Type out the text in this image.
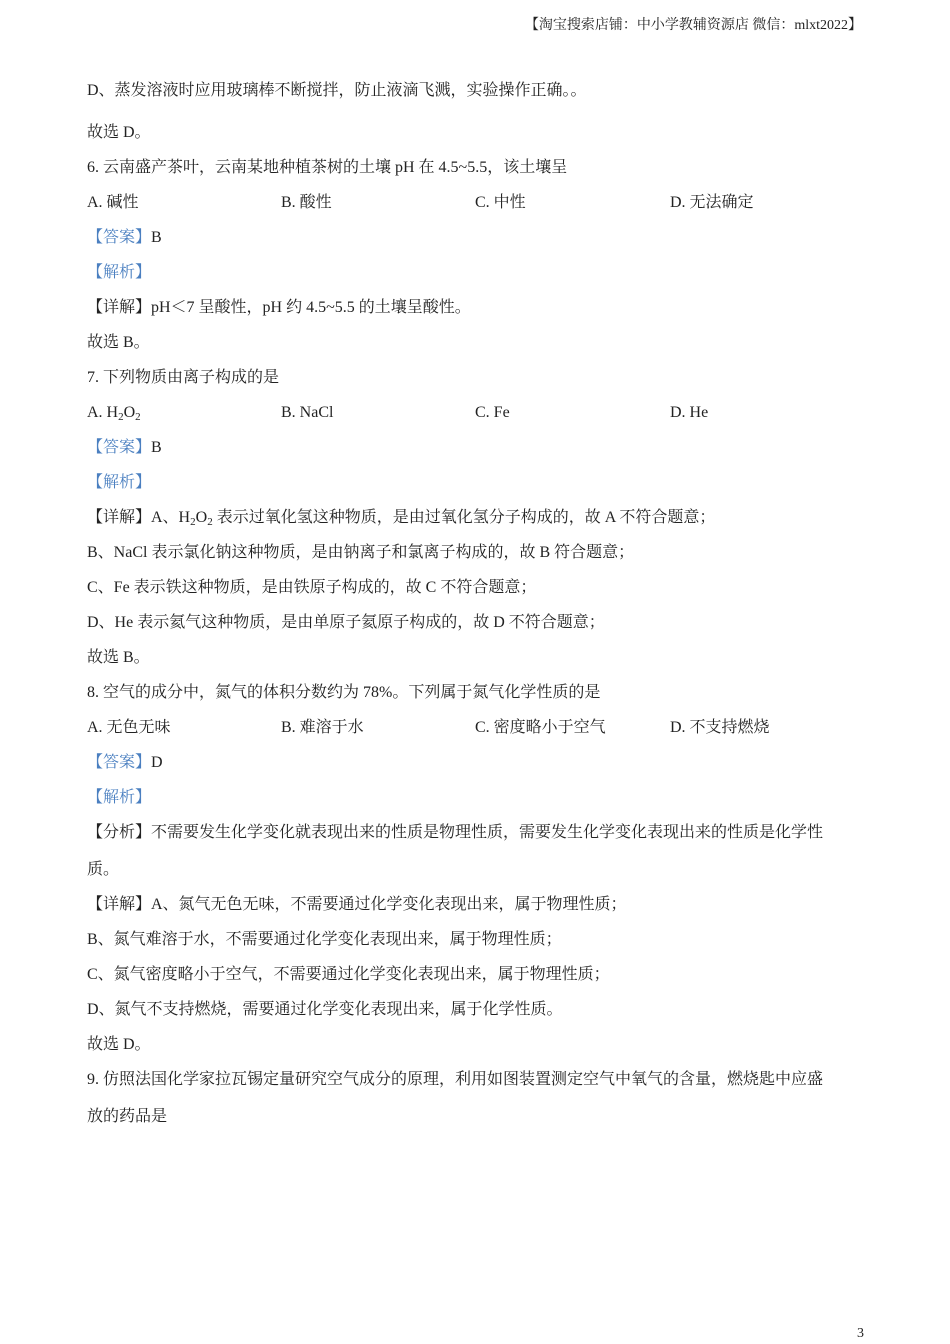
【淘宝搜索店铺：中小学教辅资源店 微信：mlxt2022】
D、蒸发溶液时应用玻璃棒不断搅拌，防止液滴飞溅，实验操作正确。。
故选 D。
6. 云南盛产茶叶，云南某地种植茶树的土壤 pH 在 4.5~5.5，该土壤呈
A. 碱性	B. 酸性	C. 中性	D. 无法确定
【答案】B
【解析】
【详解】pH＜7 呈酸性，pH 约 4.5~5.5 的土壤呈酸性。
故选 B。
7. 下列物质由离子构成的是
A. $H_2O_2$	B. NaCl	C. Fe	D. He
【答案】B
【解析】
【详解】A、$H_2O_2$ 表示过氧化氢这种物质，是由过氧化氢分子构成的，故 A 不符合题意；
B、NaCl 表示氯化钠这种物质，是由钠离子和氯离子构成的，故 B 符合题意；
C、Fe 表示铁这种物质，是由铁原子构成的，故 C 不符合题意；
D、He 表示氦气这种物质，是由单原子氦原子构成的，故 D 不符合题意；
故选 B。
8. 空气的成分中，氮气的体积分数约为 78%。下列属于氮气化学性质的是
A. 无色无味	B. 难溶于水	C. 密度略小于空气	D. 不支持燃烧
【答案】D
【解析】
【分析】不需要发生化学变化就表现出来的性质是物理性质，需要发生化学变化表现出来的性质是化学性
质。
【详解】A、氮气无色无味，不需要通过化学变化表现出来，属于物理性质；
B、氮气难溶于水，不需要通过化学变化表现出来，属于物理性质；
C、氮气密度略小于空气，不需要通过化学变化表现出来，属于物理性质；
D、氮气不支持燃烧，需要通过化学变化表现出来，属于化学性质。
故选 D。
9. 仿照法国化学家拉瓦锡定量研究空气成分的原理，利用如图装置测定空气中氧气的含量，燃烧匙中应盛
放的药品是
3
